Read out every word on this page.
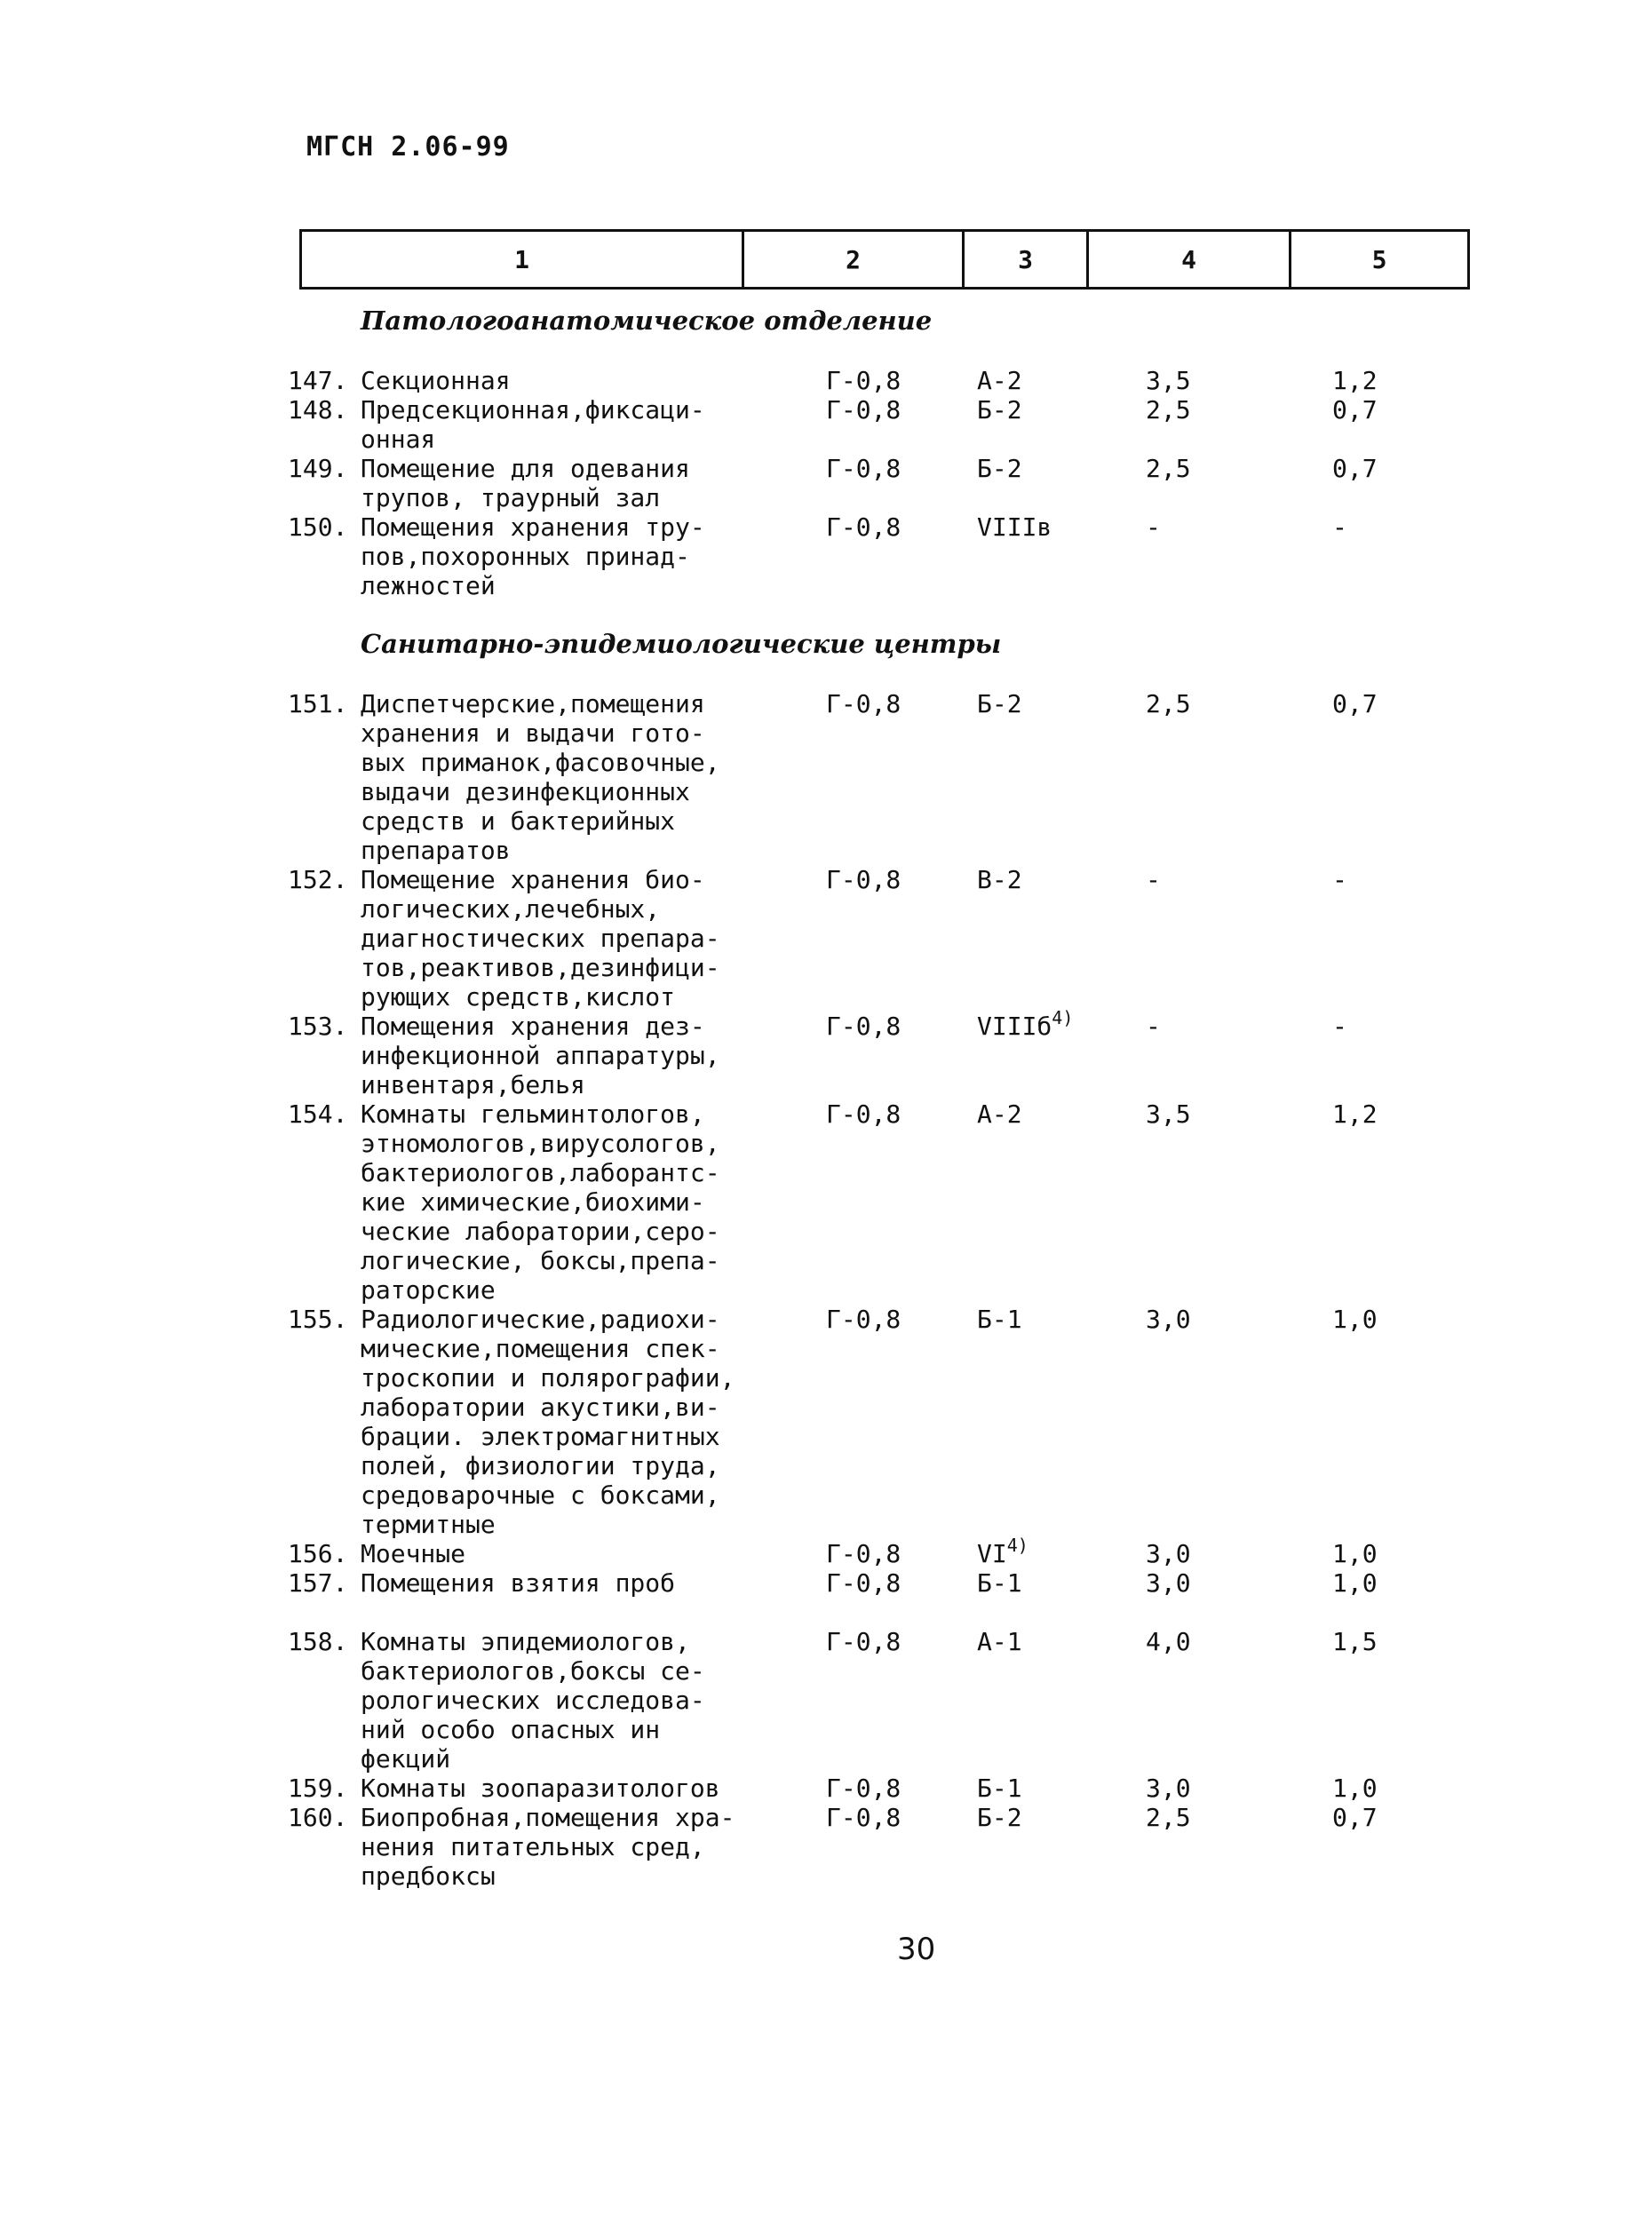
МГСН 2.06-99
1	2	3	4	5
Патологоанатомическое отделение
147. Секционная	Г-0,8	А-2	3,5	1,2
148. Предсекционная,фиксаци-
онная
Г-0,8	Б-2	2,5	0,7
149. Помещение для одевания
трупов, траурный зал
Г-0,8	Б-2	2,5	0,7
150. Помещения хранения тру-
пов,похоронных принад-
лежностей
Г-0,8	VIIIв	-	-
Санитарно-эпидемиологические центры
151. Диспетчерские,помещения
хранения и выдачи гото-
вых приманок,фасовочные,
выдачи дезинфекционных
средств и бактерийных
препаратов
Г-0,8	Б-2	2,5	0,7
152. Помещение хранения био-
логических,лечебных,
диагностических препара-
тов,реактивов,дезинфици-
рующих средств,кислот
Г-0,8	В-2	-	-
153. Помещения хранения дез-
инфекционной аппаратуры,
инвентаря,белья
Г-0,8	VIIIб$^{4)}$	-	-
154. Комнаты гельминтологов,
этномологов,вирусологов,
бактериологов,лаборантс-
кие химические,биохими-
ческие лаборатории,серо-
логические, боксы,препа-
раторские
Г-0,8	А-2	3,5	1,2
155. Радиологические,радиохи-
мические,помещения спек-
троскопии и полярографии,
лаборатории акустики,ви-
брации. электромагнитных
полей, физиологии труда,
средоварочные с боксами,
термитные
Г-0,8	Б-1	3,0	1,0
156. Моечные	Г-0,8	VI$^{4)}$	3,0	1,0
157. Помещения взятия проб	Г-0,8	Б-1	3,0	1,0
158. Комнаты эпидемиологов,
бактериологов,боксы се-
рологических исследова-
ний особо опасных ин
фекций
Г-0,8	А-1	4,0	1,5
159. Комнаты зоопаразитологов	Г-0,8	Б-1	3,0	1,0
160. Биопробная,помещения хра-
нения питательных сред,
предбоксы
Г-0,8	Б-2	2,5	0,7
30
